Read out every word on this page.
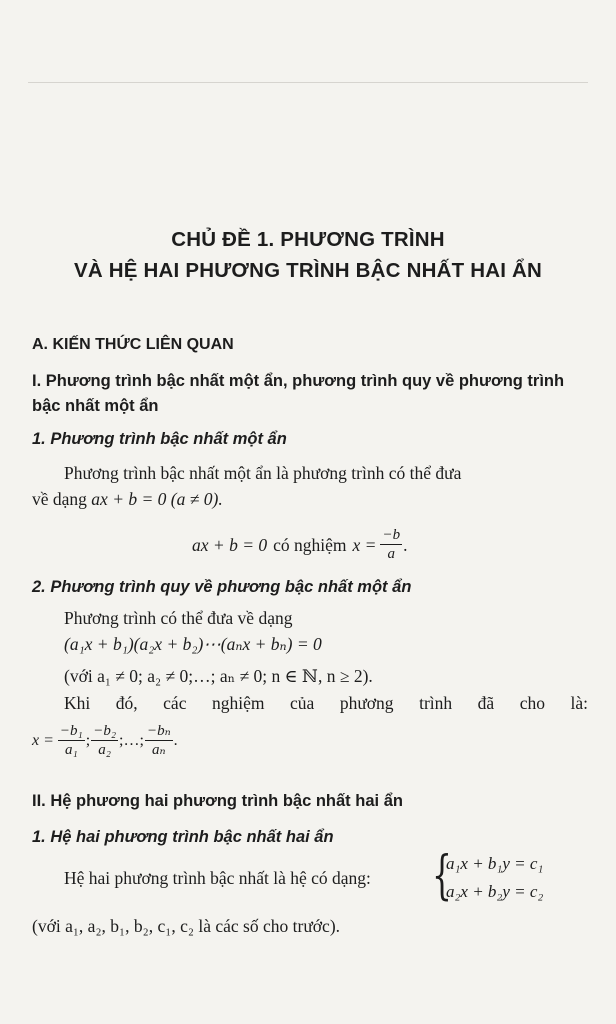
CHỦ ĐỀ 1. PHƯƠNG TRÌNH
VÀ HỆ HAI PHƯƠNG TRÌNH BẬC NHẤT HAI ẨN
A. KIẾN THỨC LIÊN QUAN
I. Phương trình bậc nhất một ẩn, phương trình quy về phương trình bậc nhất một ẩn
1. Phương trình bậc nhất một ẩn
Phương trình bậc nhất một ẩn là phương trình có thể đưa
về dạng ax + b = 0 (a ≠ 0).
ax + b = 0 có nghiệm $x = \frac{-b}{a}$ .
2. Phương trình quy về phương bậc nhất một ẩn
Phương trình có thể đưa về dạng
(a₁x + b₁)(a₂x + b₂)⋯(aₙx + bₙ) = 0
(với a₁ ≠ 0; a₂ ≠ 0;…; aₙ ≠ 0; n ∈ ℕ, n ≥ 2).
Khi đó, các nghiệm của phương trình đã cho là:
$x = \frac{\text{−b₁}}{\text{a₁}}$ ; $\frac{\text{−b₂}}{\text{a₂}}$ ; … ; $\frac{\text{−bₙ}}{\text{aₙ}}$ .
II. Hệ phương hai phương trình bậc nhất hai ẩn
1. Hệ hai phương trình bậc nhất hai ẩn
Hệ hai phương trình bậc nhất là hệ có dạng: {
a₁x + b₁y = c₁
a₂x + b₂y = c₂
(với a₁, a₂, b₁, b₂, c₁, c₂ là các số cho trước).
